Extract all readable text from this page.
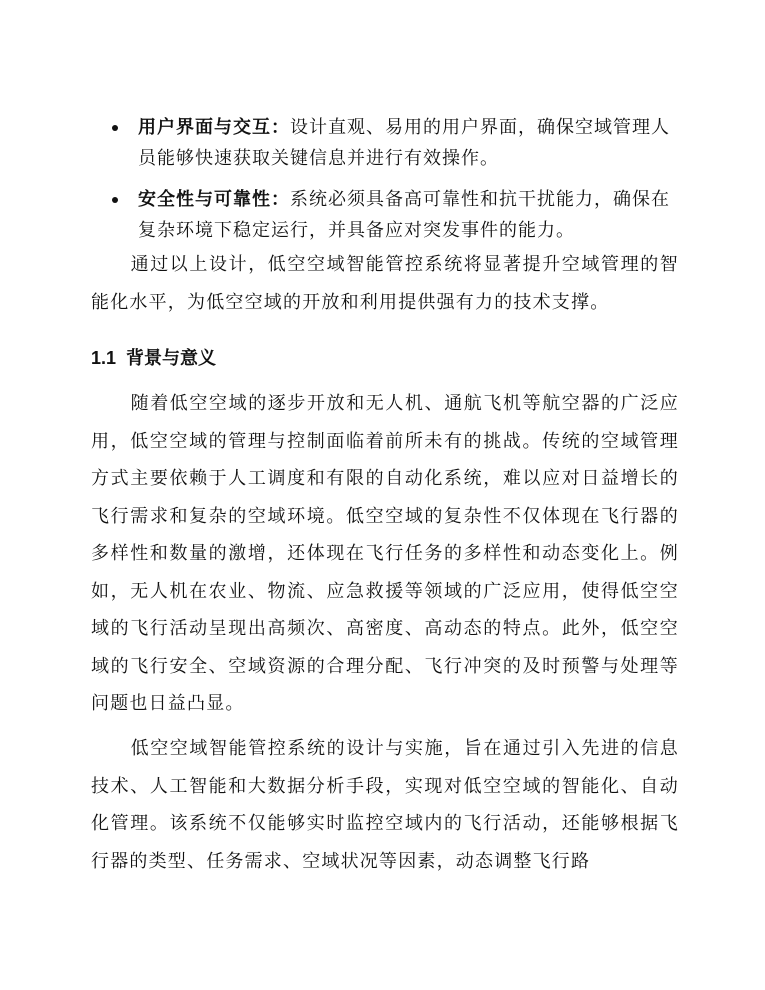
用户界面与交互：设计直观、易用的用户界面，确保空域管理人员能够快速获取关键信息并进行有效操作。
安全性与可靠性：系统必须具备高可靠性和抗干扰能力，确保在复杂环境下稳定运行，并具备应对突发事件的能力。

通过以上设计，低空空域智能管控系统将显著提升空域管理的智能化水平，为低空空域的开放和利用提供强有力的技术支撑。

1.1 背景与意义

随着低空空域的逐步开放和无人机、通航飞机等航空器的广泛应用，低空空域的管理与控制面临着前所未有的挑战。传统的空域管理方式主要依赖于人工调度和有限的自动化系统，难以应对日益增长的飞行需求和复杂的空域环境。低空空域的复杂性不仅体现在飞行器的多样性和数量的激增，还体现在飞行任务的多样性和动态变化上。例如，无人机在农业、物流、应急救援等领域的广泛应用，使得低空空域的飞行活动呈现出高频次、高密度、高动态的特点。此外，低空空域的飞行安全、空域资源的合理分配、飞行冲突的及时预警与处理等问题也日益凸显。

低空空域智能管控系统的设计与实施，旨在通过引入先进的信息技术、人工智能和大数据分析手段，实现对低空空域的智能化、自动化管理。该系统不仅能够实时监控空域内的飞行活动，还能够根据飞行器的类型、任务需求、空域状况等因素，动态调整飞行路
